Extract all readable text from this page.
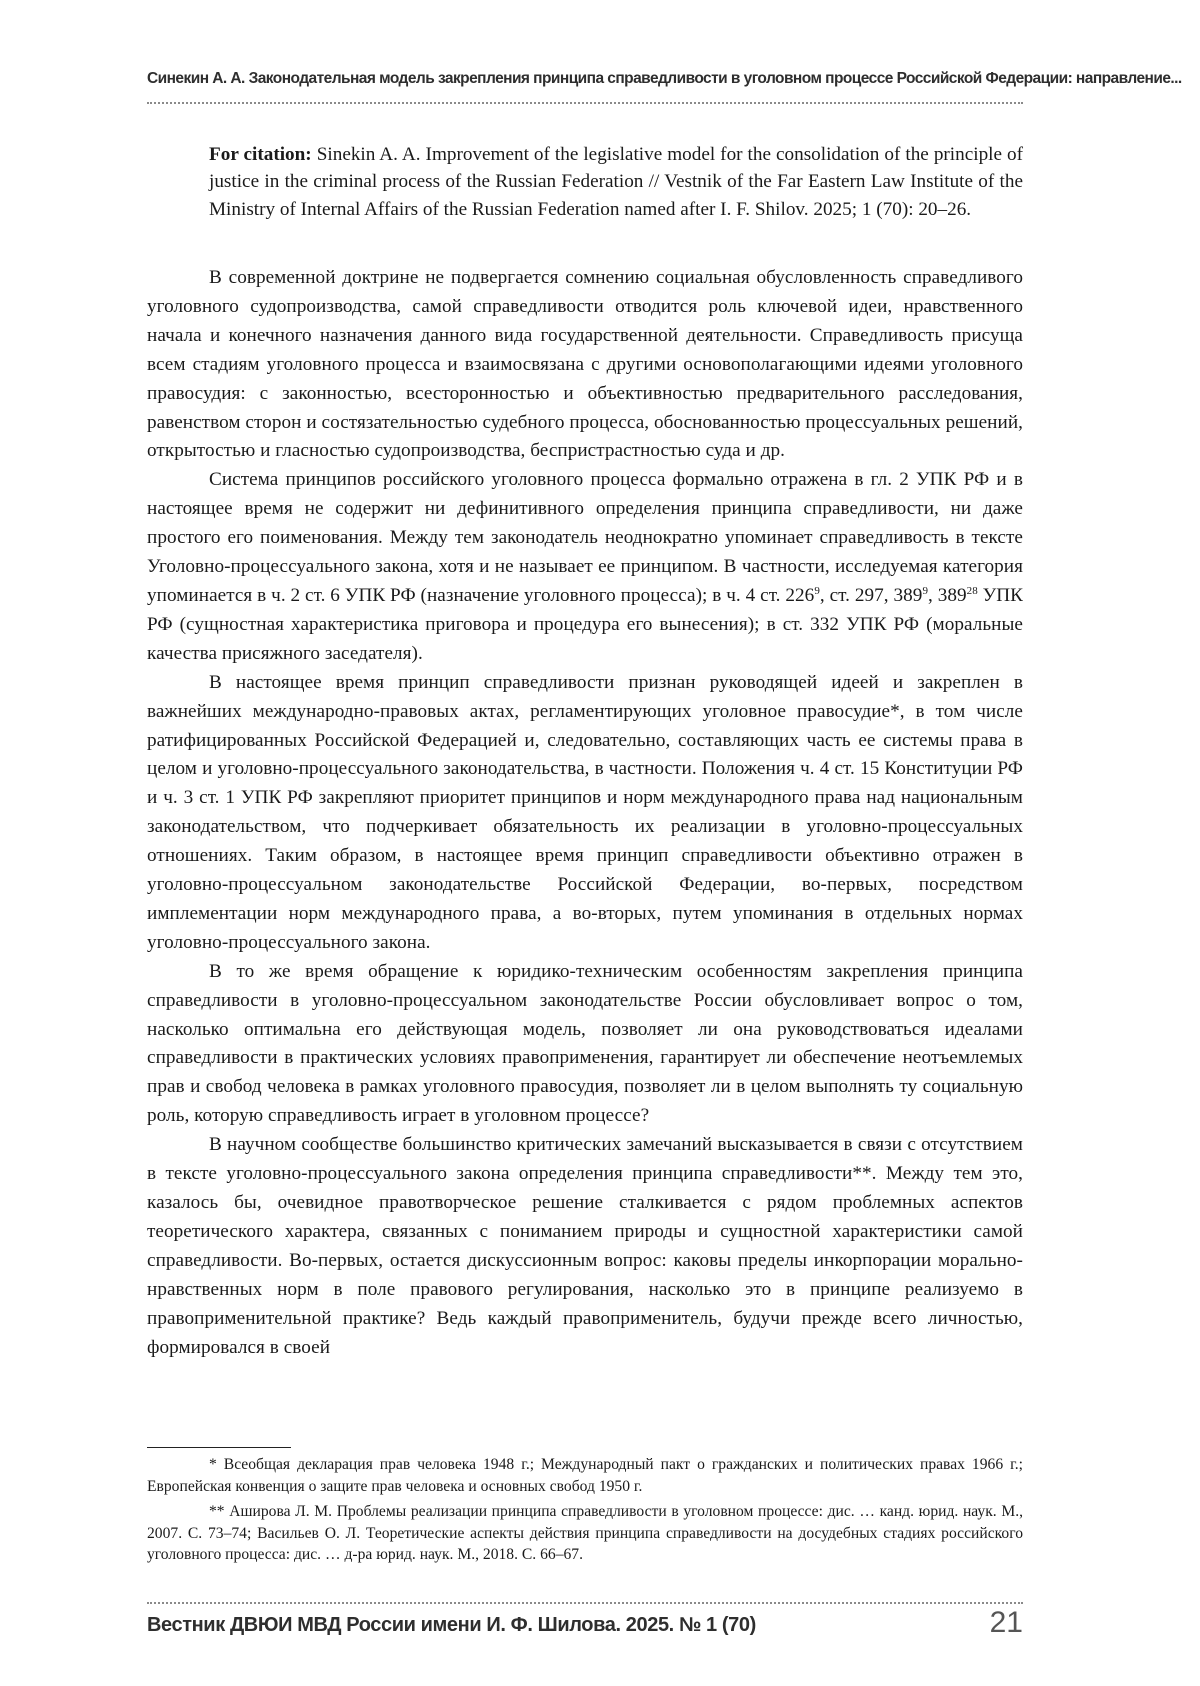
Синекин А. А. Законодательная модель закрепления принципа справедливости в уголовном процессе Российской Федерации: направление...
For citation: Sinekin A. A. Improvement of the legislative model for the consolidation of the principle of justice in the criminal process of the Russian Federation // Vestnik of the Far Eastern Law Institute of the Ministry of Internal Affairs of the Russian Federation named after I. F. Shilov. 2025; 1 (70): 20–26.

В современной доктрине не подвергается сомнению социальная обусловленность справедливого уголовного судопроизводства, самой справедливости отводится роль ключевой идеи, нравственного начала и конечного назначения данного вида государственной деятельности. Справедливость присуща всем стадиям уголовного процесса и взаимосвязана с другими основополагающими идеями уголовного правосудия: с законностью, всесторонностью и объективностью предварительного расследования, равенством сторон и состязательностью судебного процесса, обоснованностью процессуальных решений, открытостью и гласностью судопроизводства, беспристрастностью суда и др.

Система принципов российского уголовного процесса формально отражена в гл. 2 УПК РФ и в настоящее время не содержит ни дефинитивного определения принципа справедливости, ни даже простого его поименования. Между тем законодатель неоднократно упоминает справедливость в тексте Уголовно-процессуального закона, хотя и не называет ее принципом. В частности, исследуемая категория упоминается в ч. 2 ст. 6 УПК РФ (назначение уголовного процесса); в ч. 4 ст. $226^9$, ст. 297, $389^9$, $389^{28}$ УПК РФ (сущностная характеристика приговора и процедура его вынесения); в ст. 332 УПК РФ (моральные качества присяжного заседателя).

В настоящее время принцип справедливости признан руководящей идеей и закреплен в важнейших международно-правовых актах, регламентирующих уголовное правосудие*, в том числе ратифицированных Российской Федерацией и, следовательно, составляющих часть ее системы права в целом и уголовно-процессуального законодательства, в частности. Положения ч. 4 ст. 15 Конституции РФ и ч. 3 ст. 1 УПК РФ закрепляют приоритет принципов и норм международного права над национальным законодательством, что подчеркивает обязательность их реализации в уголовно-процессуальных отношениях. Таким образом, в настоящее время принцип справедливости объективно отражен в уголовно-процессуальном законодательстве Российской Федерации, во-первых, посредством имплементации норм международного права, а во-вторых, путем упоминания в отдельных нормах уголовно-процессуального закона.

В то же время обращение к юридико-техническим особенностям закрепления принципа справедливости в уголовно-процессуальном законодательстве России обусловливает вопрос о том, насколько оптимальна его действующая модель, позволяет ли она руководствоваться идеалами справедливости в практических условиях правоприменения, гарантирует ли обеспечение неотъемлемых прав и свобод человека в рамках уголовного правосудия, позволяет ли в целом выполнять ту социальную роль, которую справедливость играет в уголовном процессе?

В научном сообществе большинство критических замечаний высказывается в связи с отсутствием в тексте уголовно-процессуального закона определения принципа справедливости**. Между тем это, казалось бы, очевидное правотворческое решение сталкивается с рядом проблемных аспектов теоретического характера, связанных с пониманием природы и сущностной характеристики самой справедливости. Во-первых, остается дискуссионным вопрос: каковы пределы инкорпорации морально-нравственных норм в поле правового регулирования, насколько это в принципе реализуемо в правоприменительной практике? Ведь каждый правоприменитель, будучи прежде всего личностью, формировался в своей

* Всеобщая декларация прав человека 1948 г.; Международный пакт о гражданских и политических правах 1966 г.; Европейская конвенция о защите прав человека и основных свобод 1950 г.

** Аширова Л. М. Проблемы реализации принципа справедливости в уголовном процессе: дис. … канд. юрид. наук. М., 2007. С. 73–74; Васильев О. Л. Теоретические аспекты действия принципа справедливости на досудебных стадиях российского уголовного процесса: дис. … д-ра юрид. наук. М., 2018. С. 66–67.

Вестник ДВЮИ МВД России имени И. Ф. Шилова. 2025. № 1 (70)	21
